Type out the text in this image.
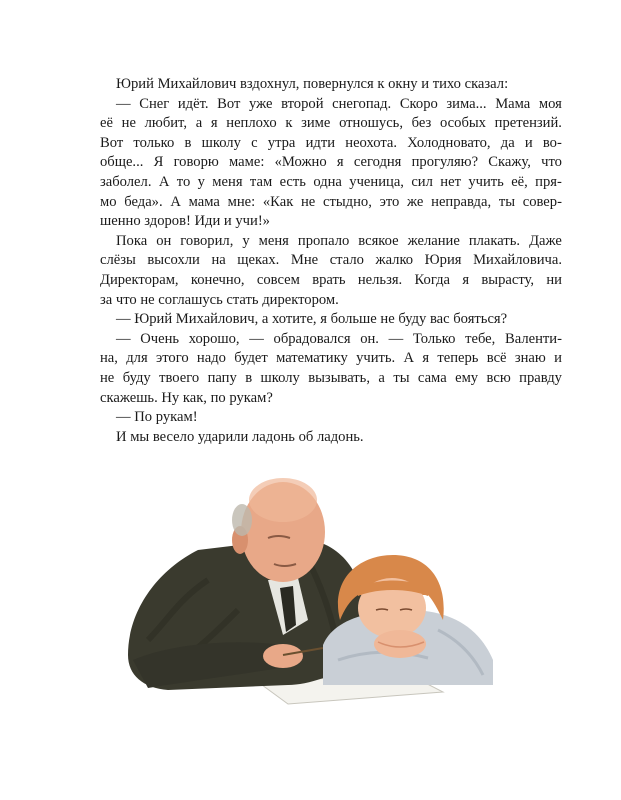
Юрий Михайлович вздохнул, повернулся к окну и тихо сказал:
— Снег идёт. Вот уже второй снегопад. Скоро зима... Мама моя
её не любит, а я неплохо к зиме отношусь, без особых претензий.
Вот только в школу с утра идти неохота. Холодновато, да и во-
обще... Я говорю маме: «Можно я сегодня прогуляю? Скажу, что
заболел. А то у меня там есть одна ученица, сил нет учить её, пря-
мо беда». А мама мне: «Как не стыдно, это же неправда, ты совер-
шенно здоров! Иди и учи!»
Пока он говорил, у меня пропало всякое желание плакать. Даже
слёзы высохли на щеках. Мне стало жалко Юрия Михайловича.
Директорам, конечно, совсем врать нельзя. Когда я вырасту, ни
за что не соглашусь стать директором.
— Юрий Михайлович, а хотите, я больше не буду вас бояться?
— Очень хорошо, — обрадовался он. — Только тебе, Валенти-
на, для этого надо будет математику учить. А я теперь всё знаю и
не буду твоего папу в школу вызывать, а ты сама ему всю правду
скажешь. Ну как, по рукам?
— По рукам!
И мы весело ударили ладонь об ладонь.
